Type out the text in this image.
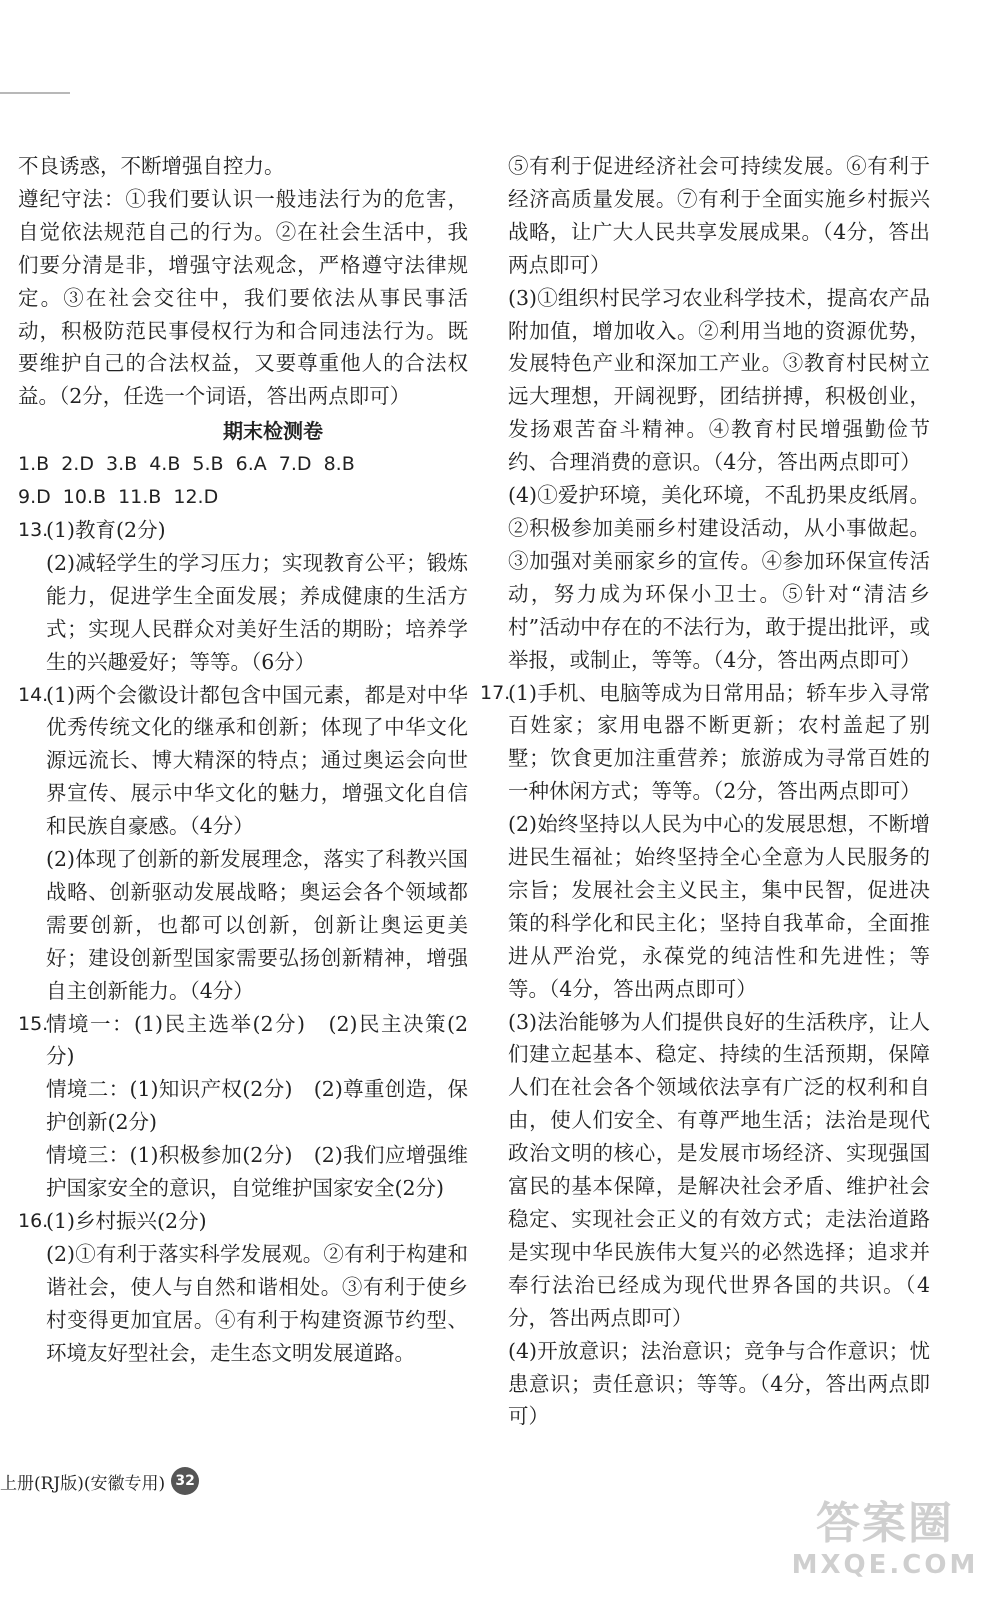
不良诱惑，不断增强自控力。

遵纪守法：①我们要认识一般违法行为的危害，自觉依法规范自己的行为。②在社会生活中，我们要分清是非，增强守法观念，严格遵守法律规定。③在社会交往中，我们要依法从事民事活动，积极防范民事侵权行为和合同违法行为。既要维护自己的合法权益，又要尊重他人的合法权益。（2分，任选一个词语，答出两点即可）

期末检测卷
1.B 2.D 3.B 4.B 5.B 6.A 7.D 8.B
9.D 10.B 11.B 12.D
13.

(1)教育(2分)

(2)减轻学生的学习压力；实现教育公平；锻炼能力，促进学生全面发展；养成健康的生活方式；实现人民群众对美好生活的期盼；培养学生的兴趣爱好；等等。（6分）

14.

(1)两个会徽设计都包含中国元素，都是对中华优秀传统文化的继承和创新；体现了中华文化源远流长、博大精深的特点；通过奥运会向世界宣传、展示中华文化的魅力，增强文化自信和民族自豪感。（4分）

(2)体现了创新的新发展理念，落实了科教兴国战略、创新驱动发展战略；奥运会各个领域都需要创新，也都可以创新，创新让奥运更美好；建设创新型国家需要弘扬创新精神，增强自主创新能力。（4分）

15.

情境一：(1)民主选举(2分)　(2)民主决策(2分)

情境二：(1)知识产权(2分)　(2)尊重创造，保护创新(2分)

情境三：(1)积极参加(2分)　(2)我们应增强维护国家安全的意识，自觉维护国家安全(2分)

16.

(1)乡村振兴(2分)

(2)①有利于落实科学发展观。②有利于构建和谐社会，使人与自然和谐相处。③有利于使乡村变得更加宜居。④有利于构建资源节约型、环境友好型社会，走生态文明发展道路。

⑤有利于促进经济社会可持续发展。⑥有利于经济高质量发展。⑦有利于全面实施乡村振兴战略，让广大人民共享发展成果。（4分，答出两点即可）

(3)①组织村民学习农业科学技术，提高农产品附加值，增加收入。②利用当地的资源优势，发展特色产业和深加工产业。③教育村民树立远大理想，开阔视野，团结拼搏，积极创业，发扬艰苦奋斗精神。④教育村民增强勤俭节约、合理消费的意识。（4分，答出两点即可）

(4)①爱护环境，美化环境，不乱扔果皮纸屑。②积极参加美丽乡村建设活动，从小事做起。③加强对美丽家乡的宣传。④参加环保宣传活动，努力成为环保小卫士。⑤针对“清洁乡村”活动中存在的不法行为，敢于提出批评，或举报，或制止，等等。（4分，答出两点即可）

17.

(1)手机、电脑等成为日常用品；轿车步入寻常百姓家；家用电器不断更新；农村盖起了别墅；饮食更加注重营养；旅游成为寻常百姓的一种休闲方式；等等。（2分，答出两点即可）

(2)始终坚持以人民为中心的发展思想，不断增进民生福祉；始终坚持全心全意为人民服务的宗旨；发展社会主义民主，集中民智，促进决策的科学化和民主化；坚持自我革命，全面推进从严治党，永葆党的纯洁性和先进性；等等。（4分，答出两点即可）

(3)法治能够为人们提供良好的生活秩序，让人们建立起基本、稳定、持续的生活预期，保障人们在社会各个领域依法享有广泛的权利和自由，使人们安全、有尊严地生活；法治是现代政治文明的核心，是发展市场经济、实现强国富民的基本保障，是解决社会矛盾、维护社会稳定、实现社会正义的有效方式；走法治道路是实现中华民族伟大复兴的必然选择；追求并奉行法治已经成为现代世界各国的共识。（4分，答出两点即可）

(4)开放意识；法治意识；竞争与合作意识；忧患意识；责任意识；等等。（4分，答出两点即可）

上册(RJ版)(安徽专用) 32
答案圈
MXQE.COM
